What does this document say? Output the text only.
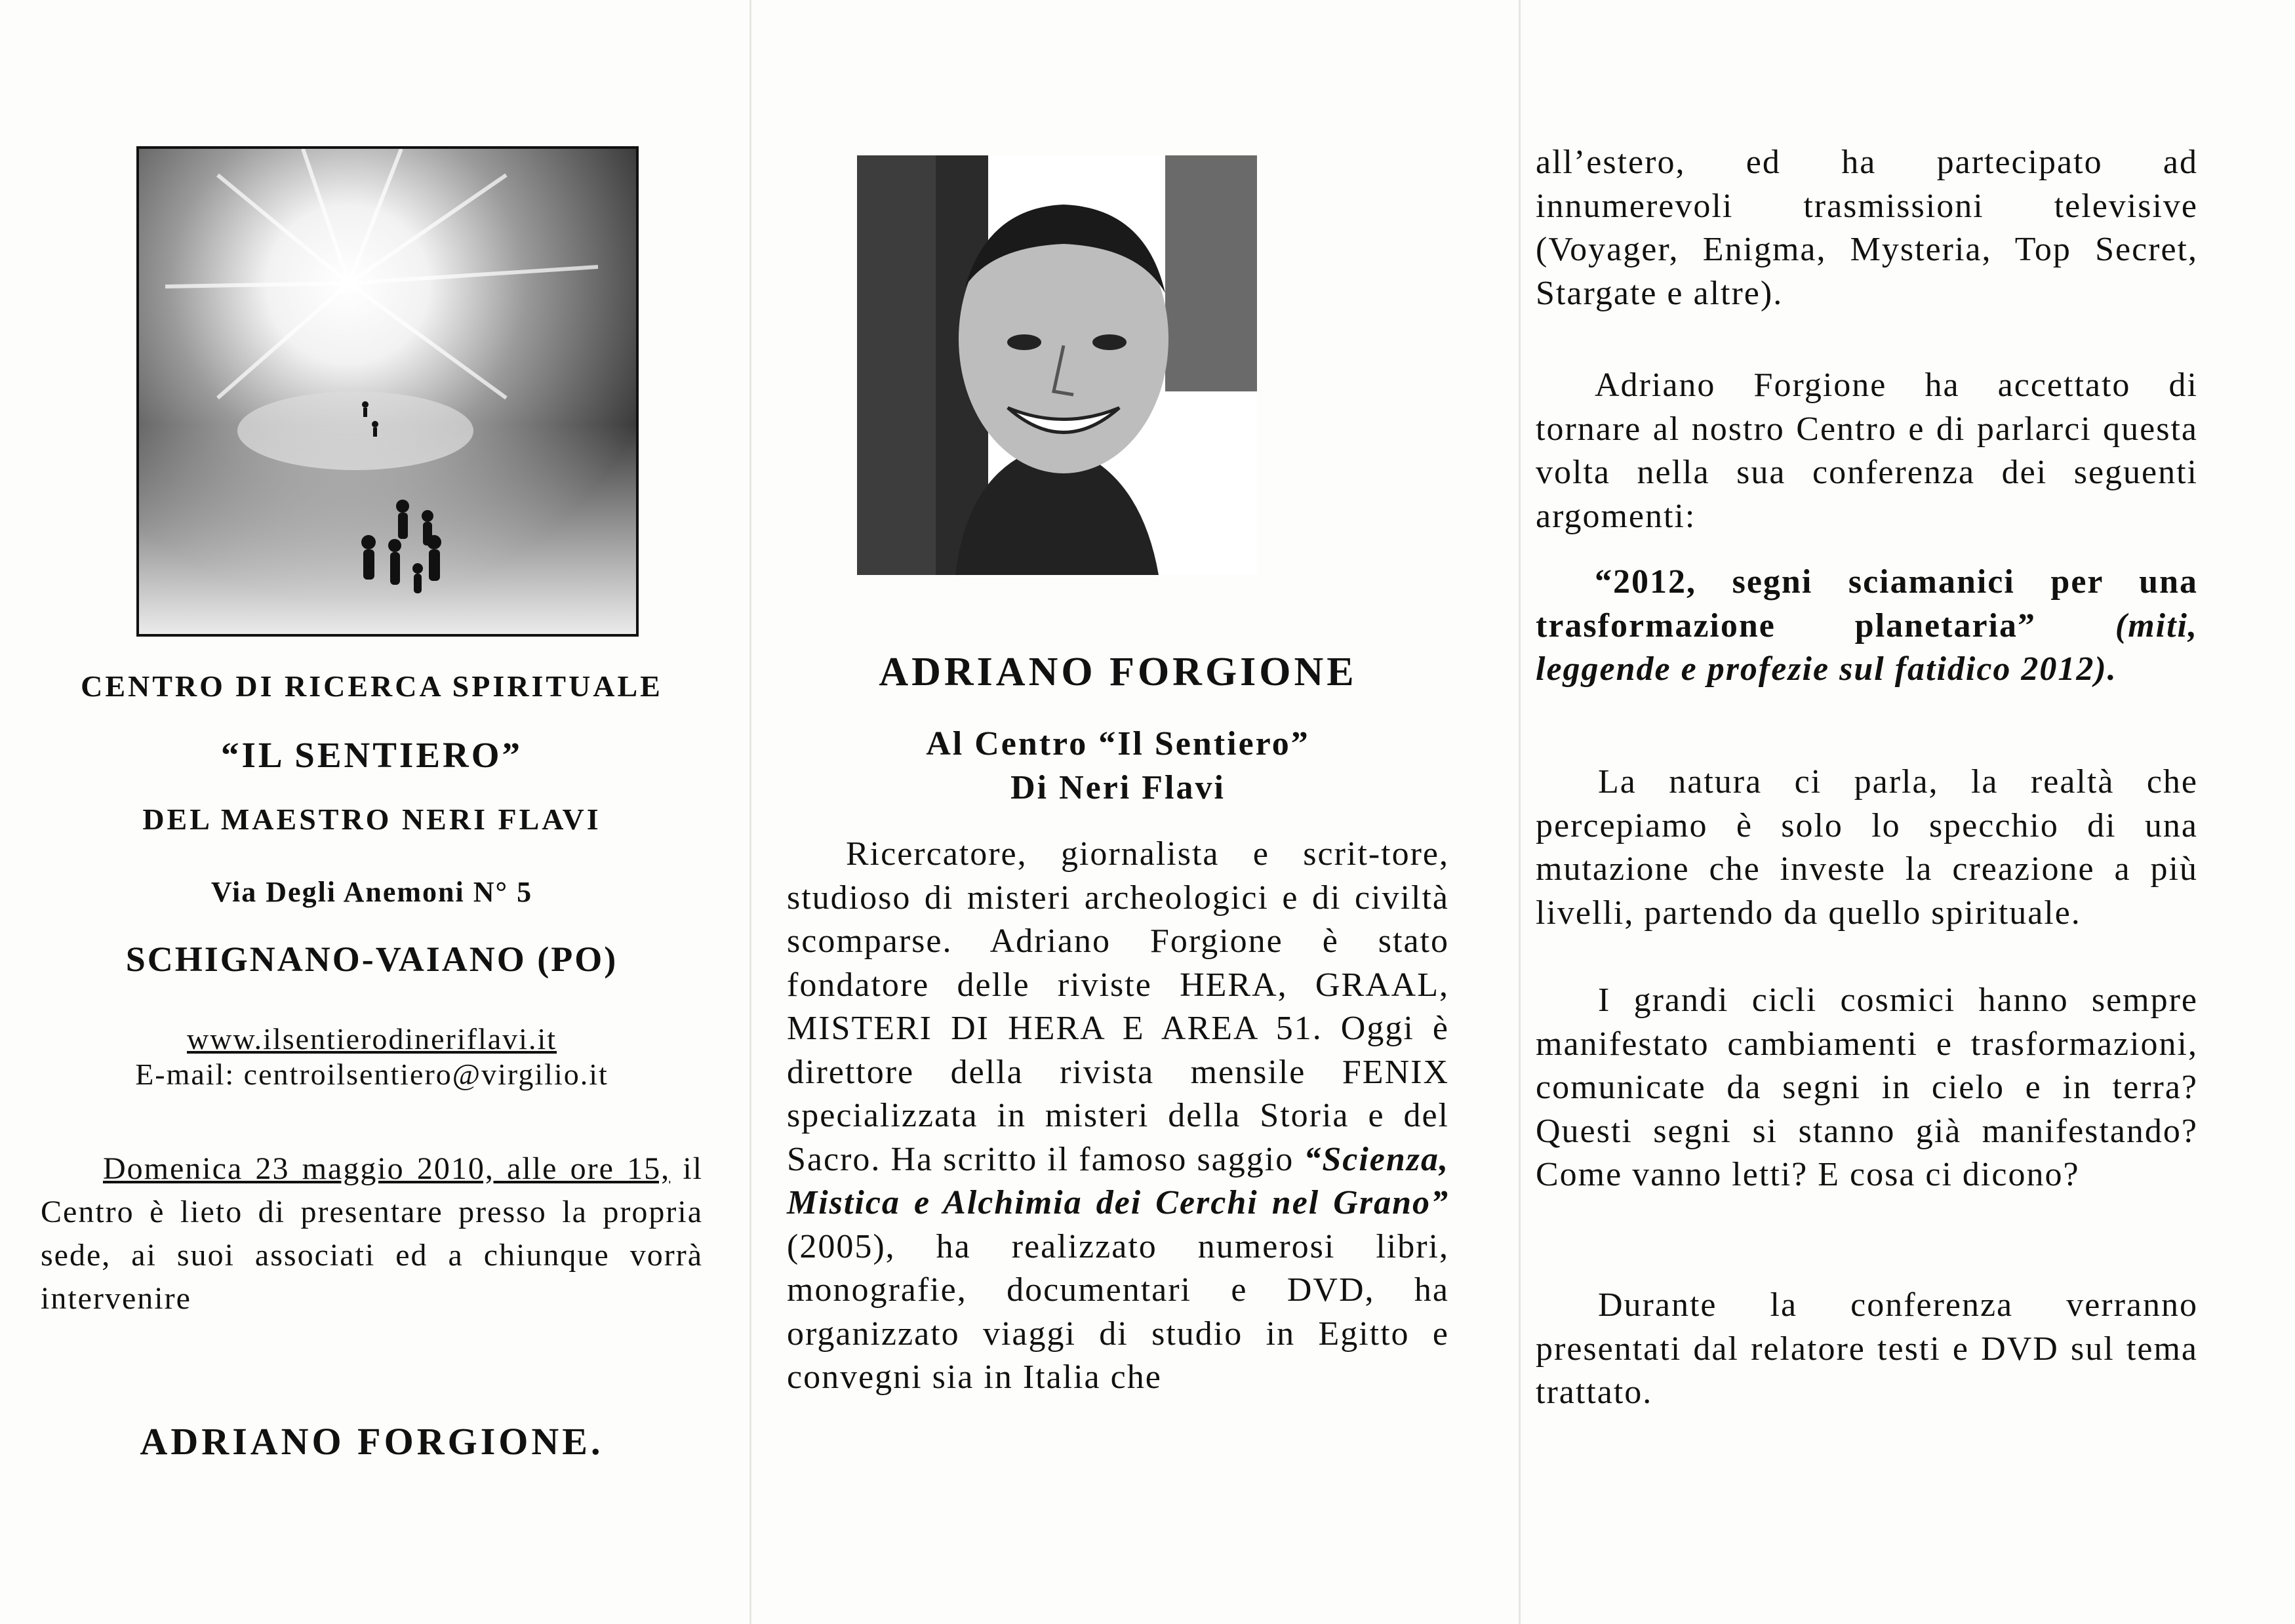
CENTRO DI RICERCA SPIRITUALE
“IL SENTIERO”
DEL MAESTRO NERI FLAVI
Via Degli Anemoni N° 5
SCHIGNANO-VAIANO (PO)
www.ilsentierodineriflavi.it
E-mail: centroilsentiero@virgilio.it
Domenica 23 maggio 2010, alle ore 15, il Centro è lieto di presentare presso la propria sede, ai suoi associati ed a chiunque vorrà intervenire
ADRIANO FORGIONE.
ADRIANO FORGIONE
Al Centro “Il Sentiero”
Di Neri Flavi
Ricercatore, giornalista e scrit-tore, studioso di misteri archeologici e di civiltà scomparse. Adriano Forgione è stato fondatore delle riviste HERA, GRAAL, MISTERI DI HERA E AREA 51. Oggi è direttore della rivista mensile FENIX specializzata in misteri della Storia e del Sacro. Ha scritto il famoso saggio “Scienza, Mistica e Alchimia dei Cerchi nel Grano” (2005), ha realizzato numerosi libri, monografie, documentari e DVD, ha organizzato viaggi di studio in Egitto e convegni sia in Italia che

all’estero, ed ha partecipato ad innumerevoli trasmissioni televisive (Voyager, Enigma, Mysteria, Top Secret, Stargate e altre).

Adriano Forgione ha accettato di tornare al nostro Centro e di parlarci questa volta nella sua conferenza dei seguenti argomenti:

“2012, segni sciamanici per una trasformazione planetaria” (miti, leggende e profezie sul fatidico 2012).

La natura ci parla, la realtà che percepiamo è solo lo specchio di una mutazione che investe la creazione a più livelli, partendo da quello spirituale.

I grandi cicli cosmici hanno sempre manifestato cambiamenti e trasformazioni, comunicate da segni in cielo e in terra? Questi segni si stanno già manifestando? Come vanno letti? E cosa ci dicono?

Durante la conferenza verranno presentati dal relatore testi e DVD sul tema trattato.
